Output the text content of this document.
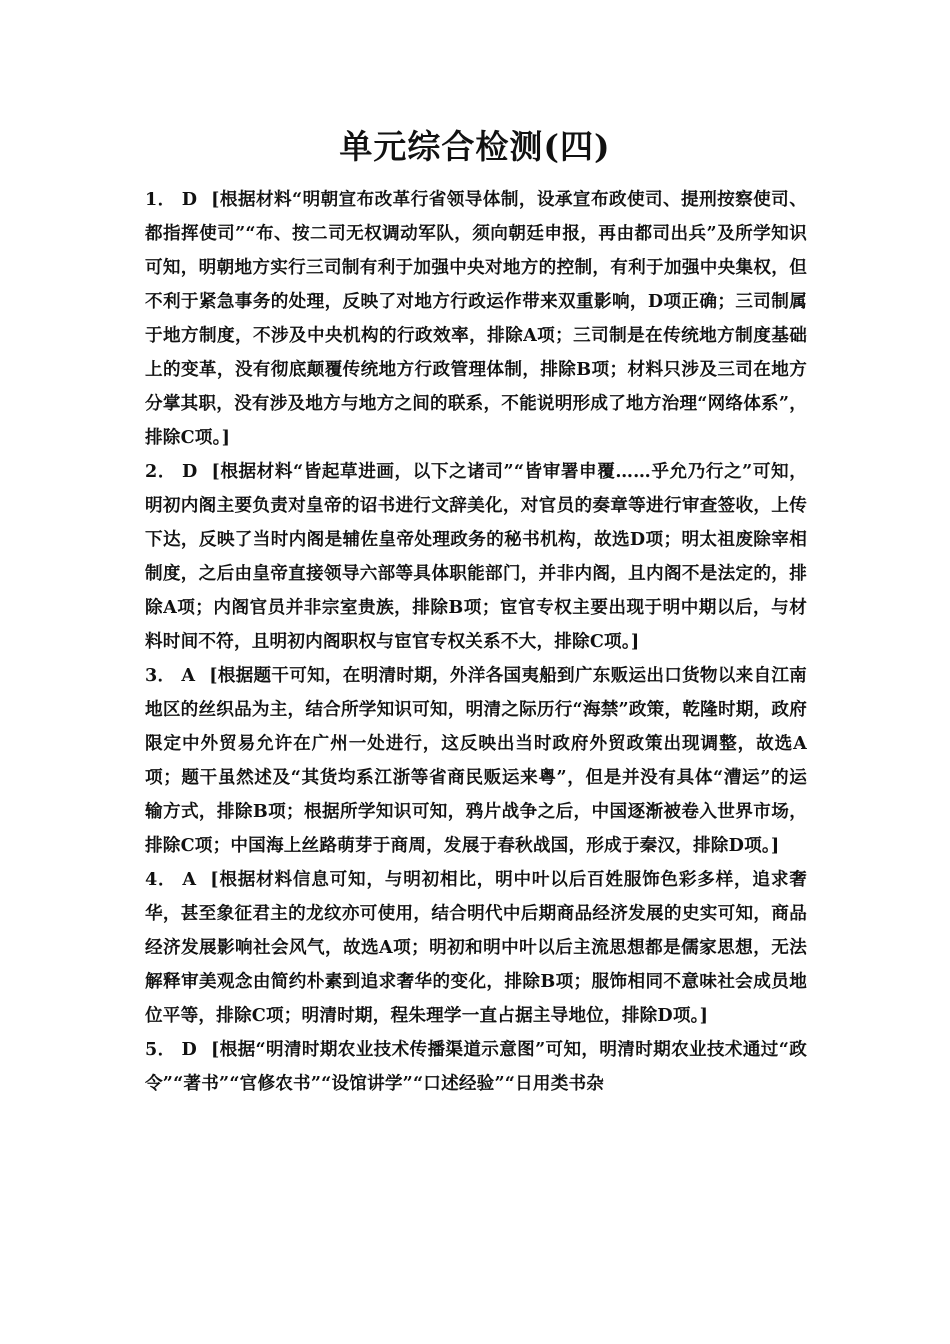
单元综合检测(四)

1． D [根据材料“明朝宣布改革行省领导体制，设承宣布政使司、提刑按察使司、都指挥使司”“布、按二司无权调动军队，须向朝廷申报，再由都司出兵”及所学知识可知，明朝地方实行三司制有利于加强中央对地方的控制，有利于加强中央集权，但不利于紧急事务的处理，反映了对地方行政运作带来双重影响，D项正确；三司制属于地方制度，不涉及中央机构的行政效率，排除A项；三司制是在传统地方制度基础上的变革，没有彻底颠覆传统地方行政管理体制，排除B项；材料只涉及三司在地方分掌其职，没有涉及地方与地方之间的联系，不能说明形成了地方治理“网络体系”，排除C项。]

2． D [根据材料“皆起草进画，以下之诸司”“皆审署申覆……乎允乃行之”可知，明初内阁主要负责对皇帝的诏书进行文辞美化，对官员的奏章等进行审查签收，上传下达，反映了当时内阁是辅佐皇帝处理政务的秘书机构，故选D项；明太祖废除宰相制度，之后由皇帝直接领导六部等具体职能部门，并非内阁，且内阁不是法定的，排除A项；内阁官员并非宗室贵族，排除B项；宦官专权主要出现于明中期以后，与材料时间不符，且明初内阁职权与宦官专权关系不大，排除C项。]

3． A [根据题干可知，在明清时期，外洋各国夷船到广东贩运出口货物以来自江南地区的丝织品为主，结合所学知识可知，明清之际历行“海禁”政策，乾隆时期，政府限定中外贸易允许在广州一处进行，这反映出当时政府外贸政策出现调整，故选A项；题干虽然述及“其货均系江浙等省商民贩运来粤”，但是并没有具体“漕运”的运输方式，排除B项；根据所学知识可知，鸦片战争之后，中国逐渐被卷入世界市场，排除C项；中国海上丝路萌芽于商周，发展于春秋战国，形成于秦汉，排除D项。]

4． A [根据材料信息可知，与明初相比，明中叶以后百姓服饰色彩多样，追求奢华，甚至象征君主的龙纹亦可使用，结合明代中后期商品经济发展的史实可知，商品经济发展影响社会风气，故选A项；明初和明中叶以后主流思想都是儒家思想，无法解释审美观念由简约朴素到追求奢华的变化，排除B项；服饰相同不意味社会成员地位平等，排除C项；明清时期，程朱理学一直占据主导地位，排除D项。]

5． D [根据“明清时期农业技术传播渠道示意图”可知，明清时期农业技术通过“政令”“著书”“官修农书”“设馆讲学”“口述经验”“日用类书杂
